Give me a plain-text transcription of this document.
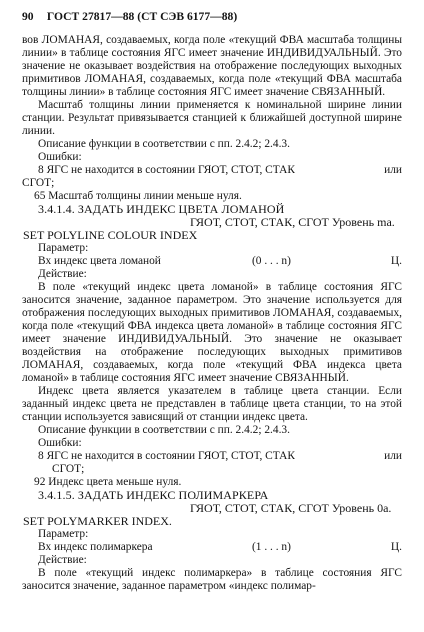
90 ГОСТ 27817—88 (СТ СЭВ 6177—88)

вов ЛОМАНАЯ, создаваемых, когда поле «текущий ФВА масштаба толщины линии» в таблице состояния ЯГС имеет значение ИНДИВИДУАЛЬНЫЙ. Это значение не оказывает воздействия на отображение последующих выходных примитивов ЛОМАНАЯ, создаваемых, когда поле «текущий ФВА масштаба толщины линии» в таблице состояния ЯГС имеет значение СВЯЗАННЫЙ.

Масштаб толщины линии применяется к номинальной ширине линии станции. Результат привязывается станцией к ближайшей доступной ширине линии.

Описание функции в соответствии с пп. 2.4.2; 2.4.3.

Ошибки:

8 ЯГС не находится в состоянии ГЯОТ, СТОТ, СТАК	или

СГОТ;

65 Масштаб толщины линии меньше нуля.

3.4.1.4. ЗАДАТЬ ИНДЕКС ЦВЕТА ЛОМАНОЙ

ГЯОТ, СТОТ, СТАК, СГОТ Уровень ma.

SET POLYLINE COLOUR INDEX

Параметр:

Вх индекс цвета ломаной	(0 . . . n)	Ц.

Действие:

В поле «текущий индекс цвета ломаной» в таблице состояния ЯГС заносится значение, заданное параметром. Это значение используется для отображения последующих выходных примитивов ЛОМАНАЯ, создаваемых, когда поле «текущий ФВА индекса цвета ломаной» в таблице состояния ЯГС имеет значение ИНДИВИДУАЛЬНЫЙ. Это значение не оказывает воздействия на отображение последующих выходных примитивов ЛОМАНАЯ, создаваемых, когда поле «текущий ФВА индекса цвета ломаной» в таблице состояния ЯГС имеет значение СВЯЗАННЫЙ.

Индекс цвета является указателем в таблице цвета станции. Если заданный индекс цвета не представлен в таблице цвета станции, то на этой станции используется зависящий от станции индекс цвета.

Описание функции в соответствии с пп. 2.4.2; 2.4.3.

Ошибки:

8 ЯГС не находится в состоянии ГЯОТ, СТОТ, СТАК	или

СГОТ;

92 Индекс цвета меньше нуля.

3.4.1.5. ЗАДАТЬ ИНДЕКС ПОЛИМАРКЕРА

ГЯОТ, СТОТ, СТАК, СГОТ Уровень 0а.

SET POLYMARKER INDEX.

Параметр:

Вх индекс полимаркера	(1 . . . n)	Ц.

Действие:

В поле «текущий индекс полимаркера» в таблице состояния ЯГС заносится значение, заданное параметром «индекс полимар-
